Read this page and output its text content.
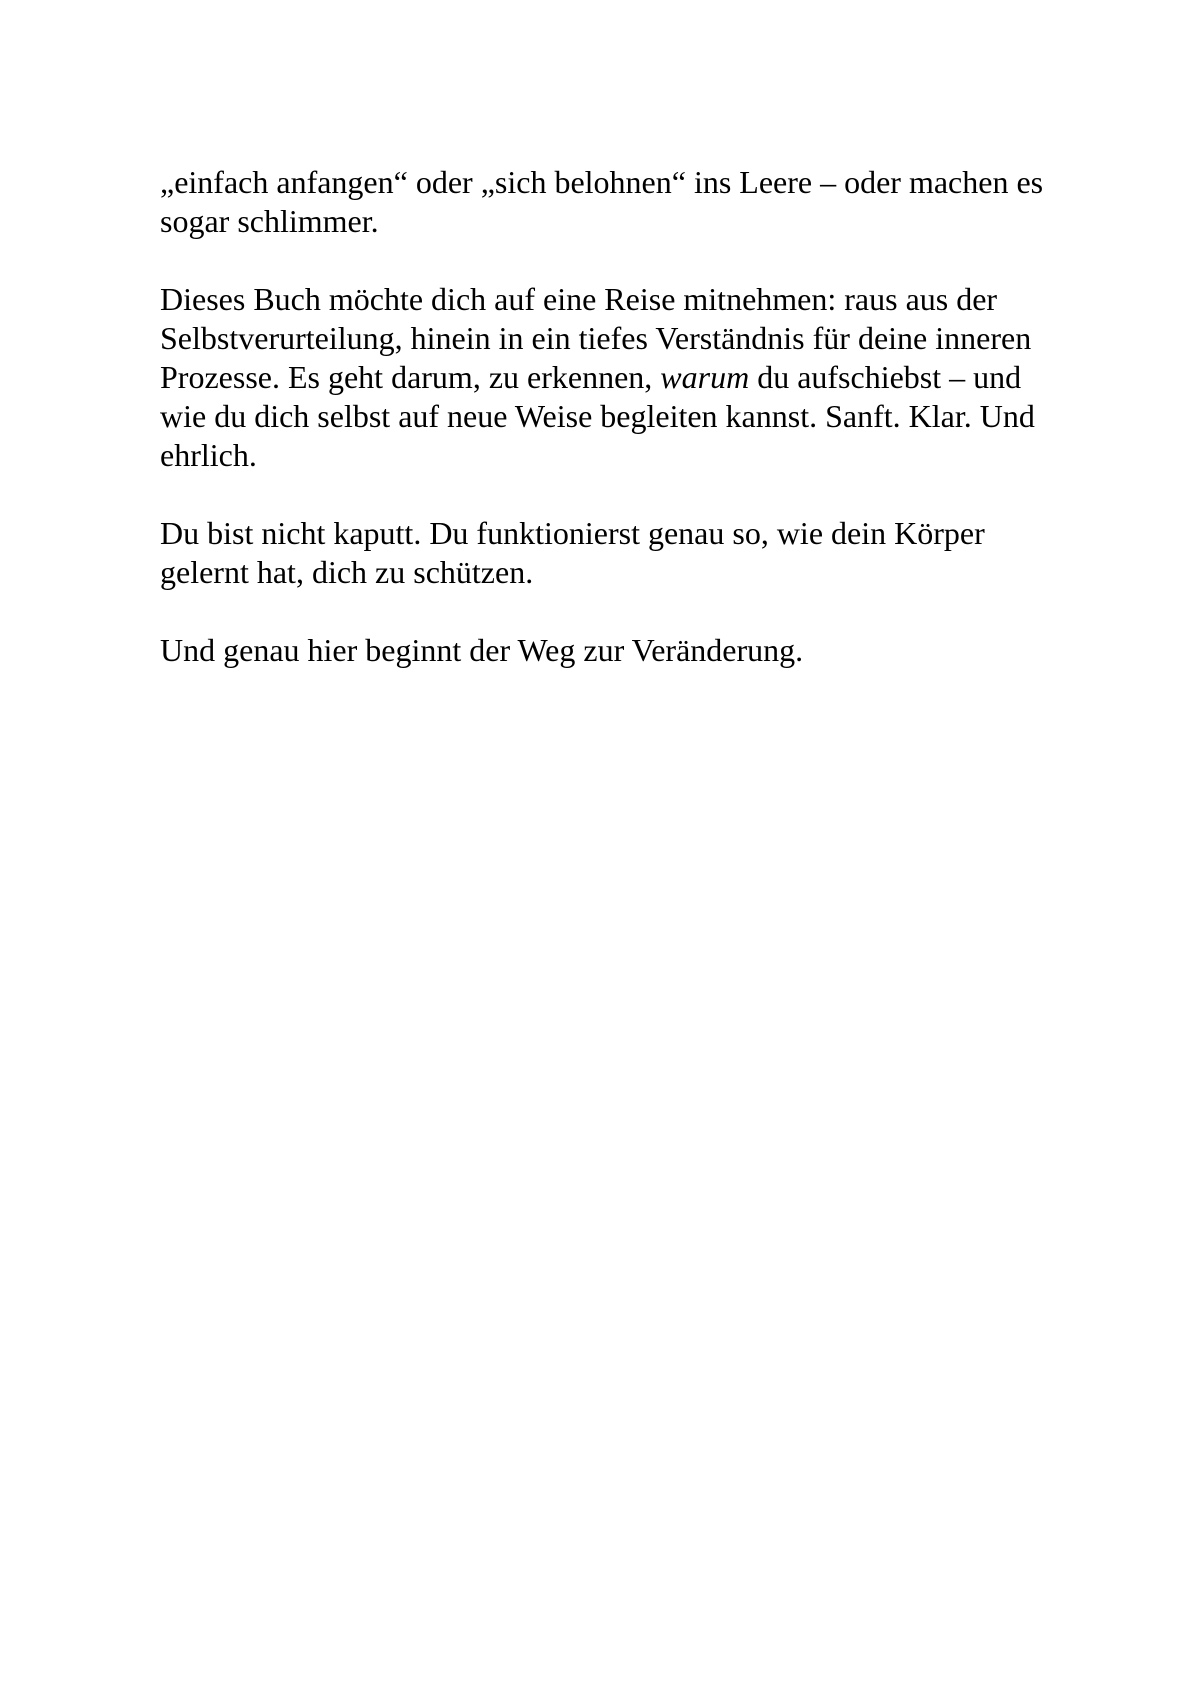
„einfach anfangen“ oder „sich belohnen“ ins Leere – oder machen es sogar schlimmer.

Dieses Buch möchte dich auf eine Reise mitnehmen: raus aus der Selbstverurteilung, hinein in ein tiefes Verständnis für deine inneren Prozesse. Es geht darum, zu erkennen, warum du aufschiebst – und wie du dich selbst auf neue Weise begleiten kannst. Sanft. Klar. Und ehrlich.

Du bist nicht kaputt. Du funktionierst genau so, wie dein Körper gelernt hat, dich zu schützen.

Und genau hier beginnt der Weg zur Veränderung.
